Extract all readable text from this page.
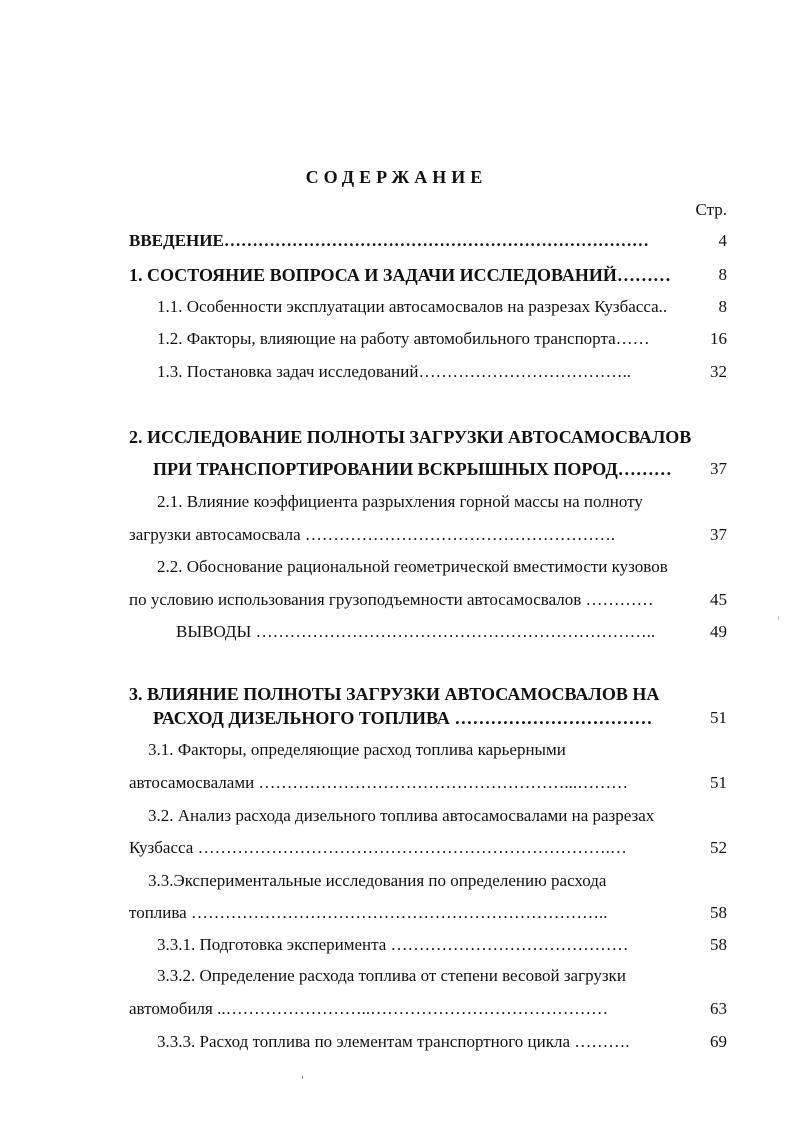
СОДЕРЖАНИЕ
Стр.
ВВЕДЕНИЕ…………………………………………………………………	4
1. СОСТОЯНИЕ ВОПРОСА И ЗАДАЧИ ИССЛЕДОВАНИЙ………	8
1.1. Особенности эксплуатации автосамосвалов на разрезах Кузбасса..	8
1.2. Факторы, влияющие на работу автомобильного транспорта……	16
1.3. Постановка задач исследований………………………………..	32
2. ИССЛЕДОВАНИЕ ПОЛНОТЫ ЗАГРУЗКИ АВТОСАМОСВАЛОВ
ПРИ ТРАНСПОРТИРОВАНИИ ВСКРЫШНЫХ ПОРОД………	37
2.1. Влияние коэффициента разрыхления горной массы на полноту
загрузки автосамосвала ……………………………………………….	37
2.2. Обоснование рациональной геометрической вместимости кузовов
по условию использования грузоподъемности автосамосвалов …………	45
ВЫВОДЫ ……………………………………………………………..	49
3. ВЛИЯНИЕ ПОЛНОТЫ ЗАГРУЗКИ АВТОСАМОСВАЛОВ НА
РАСХОД ДИЗЕЛЬНОГО ТОПЛИВА ……………………………	51
3.1. Факторы, определяющие расход топлива карьерными
автосамосвалами ………………………………………………...………	51
3.2. Анализ расхода дизельного топлива автосамосвалами на разрезах
Кузбасса ……………………………………………………………….…	52
3.3.Экспериментальные исследования по определению расхода
топлива ………………………………………………………………..	58
3.3.1. Подготовка эксперимента ……………………………………	58
3.3.2. Определение расхода топлива от степени весовой загрузки
автомобиля ..……………………..……………………………………	63
3.3.3. Расход топлива по элементам транспортного цикла ……….	69
